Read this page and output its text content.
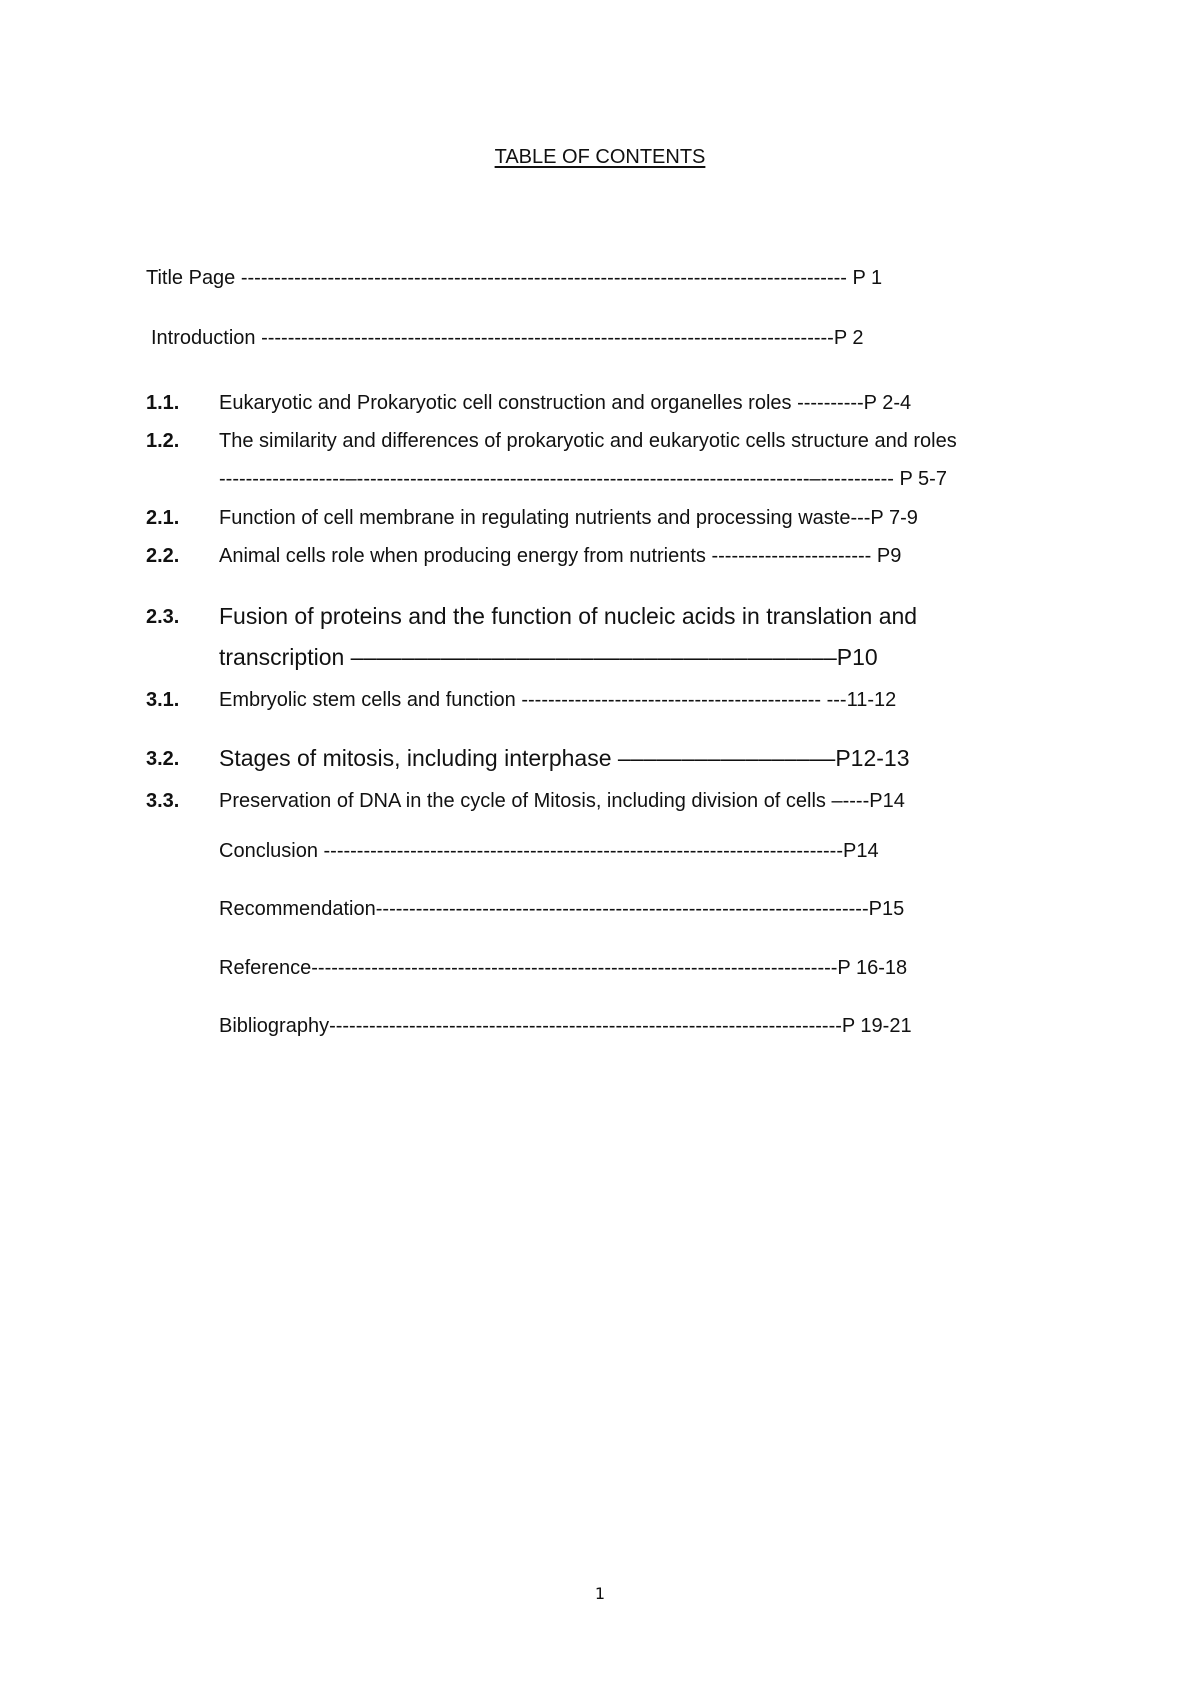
TABLE OF CONTENTS
Title Page ------------------------------------------------------------------------------------------- P 1
Introduction --------------------------------------------------------------------------------------P 2
1.1. Eukaryotic and Prokaryotic cell construction and organelles roles ----------P 2-4
1.2. The similarity and differences of prokaryotic and eukaryotic cells structure and roles
-------------------–--------------------------------------------------------------------–----------- P 5-7
2.1. Function of cell membrane in regulating nutrients and processing waste---P 7-9
2.2. Animal cells role when producing energy from nutrients ------------------------ P9
2.3. Fusion of proteins and the function of nucleic acids in translation and
transcription ––––––––––––––––––––––––––––––––––––––P10
3.1. Embryolic stem cells and function --------------------------------------------- ---11-12
3.2. Stages of mitosis, including interphase –––––––––––––––––P12-13
3.3. Preservation of DNA in the cycle of Mitosis, including division of cells –----P14
Conclusion ------------------------------------------------------------------------------P14
Recommendation--------------------------------------------------------------------------P15
Reference-------------------------------------------------------------------------------P 16-18
Bibliography-----------------------------------------------------------------------------P 19-21
1
